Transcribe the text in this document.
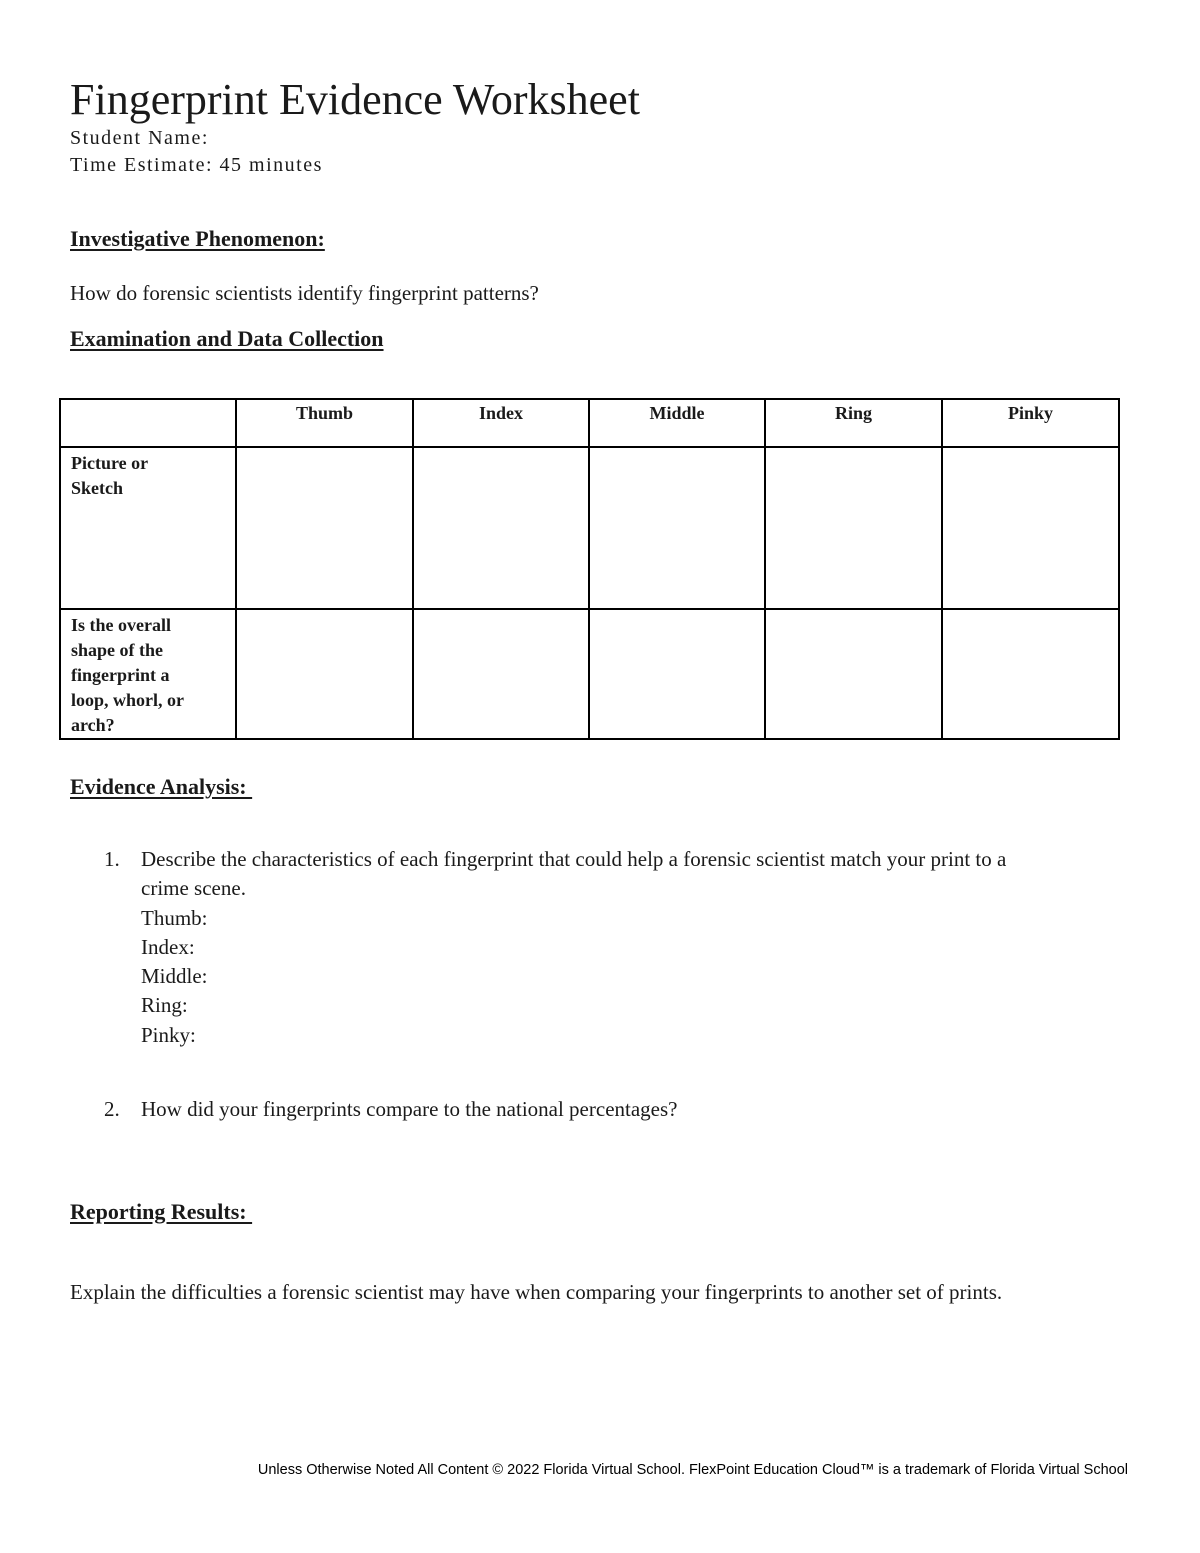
Fingerprint Evidence Worksheet
Student Name:
Time Estimate: 45 minutes
Investigative Phenomenon:
How do forensic scientists identify fingerprint patterns?
Examination and Data Collection
	Thumb	Index	Middle	Ring	Pinky

Picture or
Sketch					

Is the overall
shape of the
fingerprint a
loop, whorl, or
arch?					

Evidence Analysis:
1. Describe the characteristics of each fingerprint that could help a forensic scientist match your print to a
crime scene.
Thumb:
Index:
Middle:
Ring:
Pinky:
2. How did your fingerprints compare to the national percentages?
Reporting Results:
Explain the difficulties a forensic scientist may have when comparing your fingerprints to another set of prints.
Unless Otherwise Noted All Content © 2022 Florida Virtual School. FlexPoint Education Cloud™ is a trademark of Florida Virtual School
